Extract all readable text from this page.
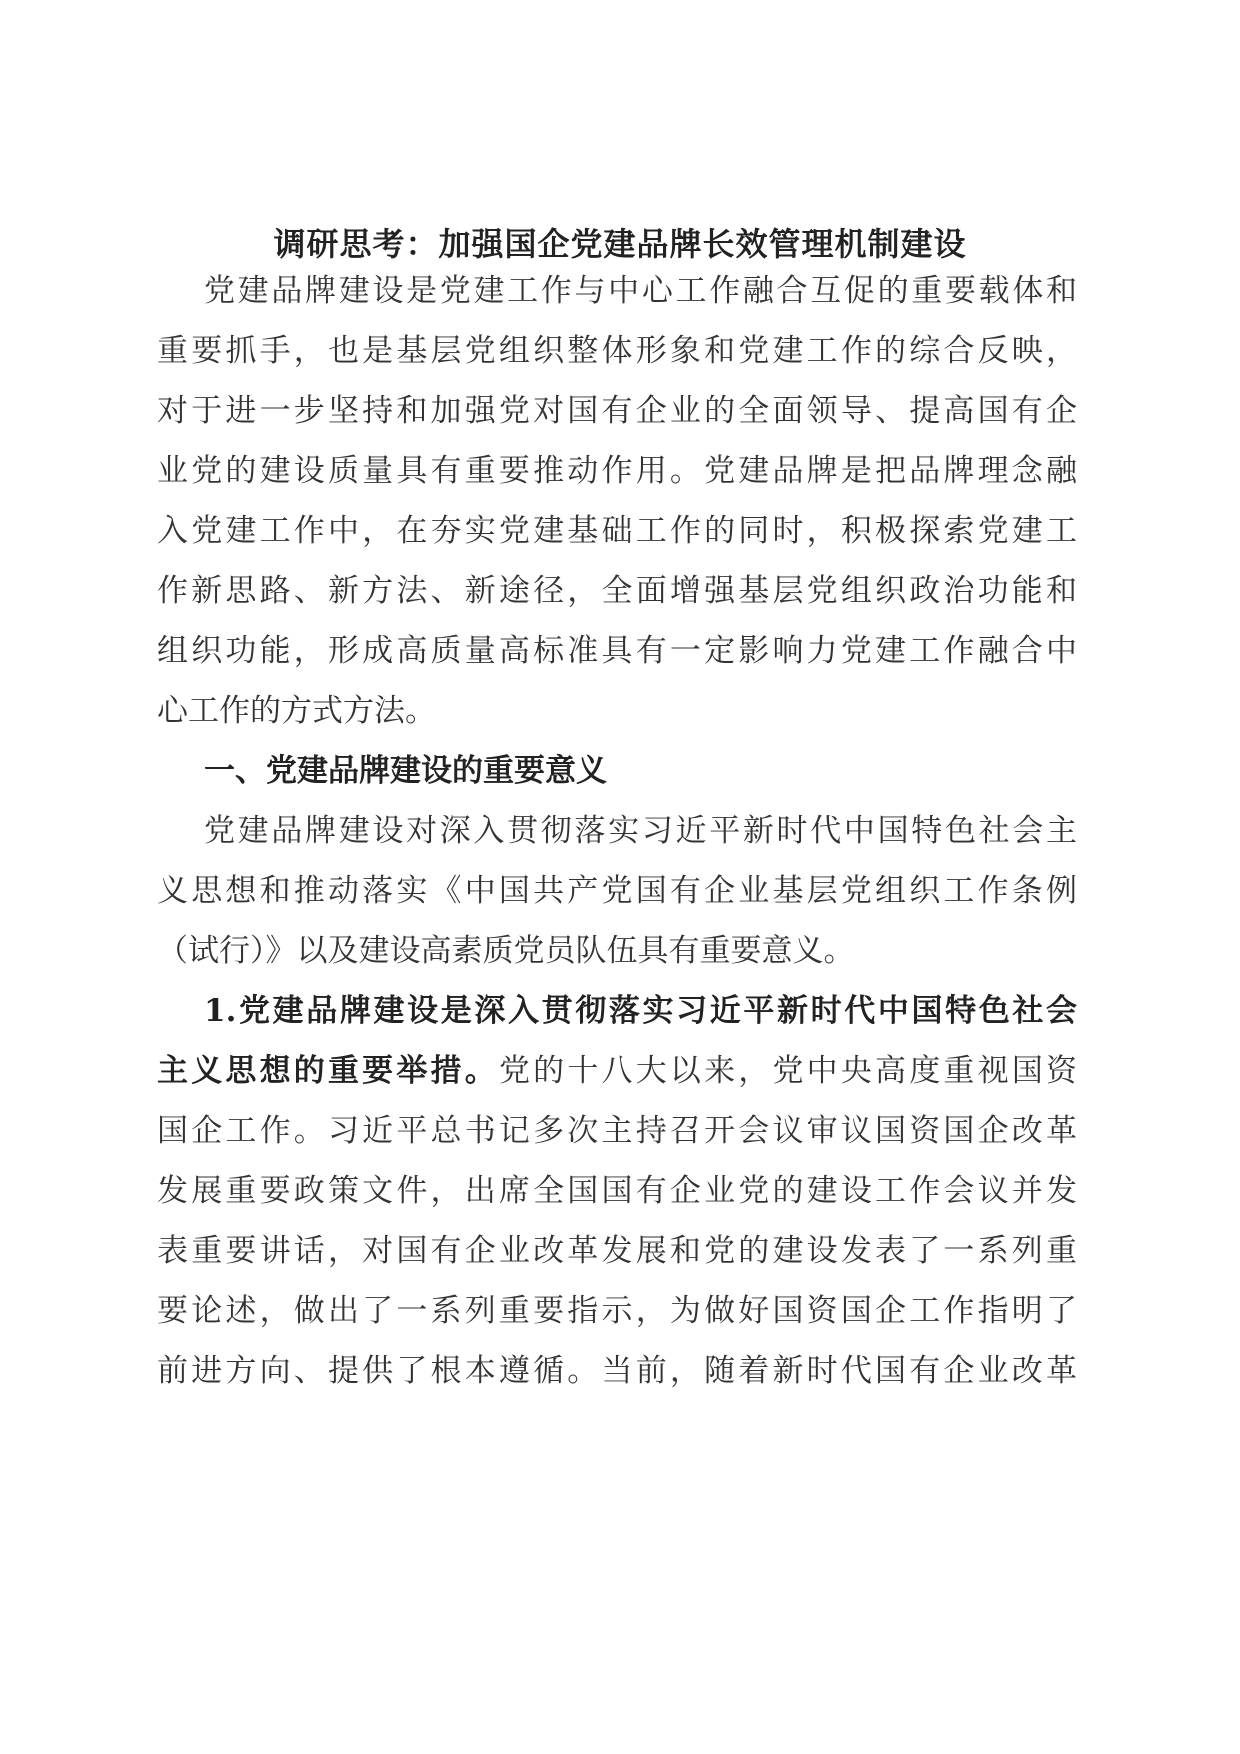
调研思考：加强国企党建品牌长效管理机制建设
党建品牌建设是党建工作与中心工作融合互促的重要载体和
重要抓手，也是基层党组织整体形象和党建工作的综合反映，
对于进一步坚持和加强党对国有企业的全面领导、提高国有企
业党的建设质量具有重要推动作用。党建品牌是把品牌理念融
入党建工作中，在夯实党建基础工作的同时，积极探索党建工
作新思路、新方法、新途径，全面增强基层党组织政治功能和
组织功能，形成高质量高标准具有一定影响力党建工作融合中
心工作的方式方法。
一、党建品牌建设的重要意义
党建品牌建设对深入贯彻落实习近平新时代中国特色社会主
义思想和推动落实《中国共产党国有企业基层党组织工作条例
（试行）》以及建设高素质党员队伍具有重要意义。
1.党建品牌建设是深入贯彻落实习近平新时代中国特色社会
主义思想的重要举措。党的十八大以来，党中央高度重视国资
国企工作。习近平总书记多次主持召开会议审议国资国企改革
发展重要政策文件，出席全国国有企业党的建设工作会议并发
表重要讲话，对国有企业改革发展和党的建设发表了一系列重
要论述，做出了一系列重要指示，为做好国资国企工作指明了
前进方向、提供了根本遵循。当前，随着新时代国有企业改革
